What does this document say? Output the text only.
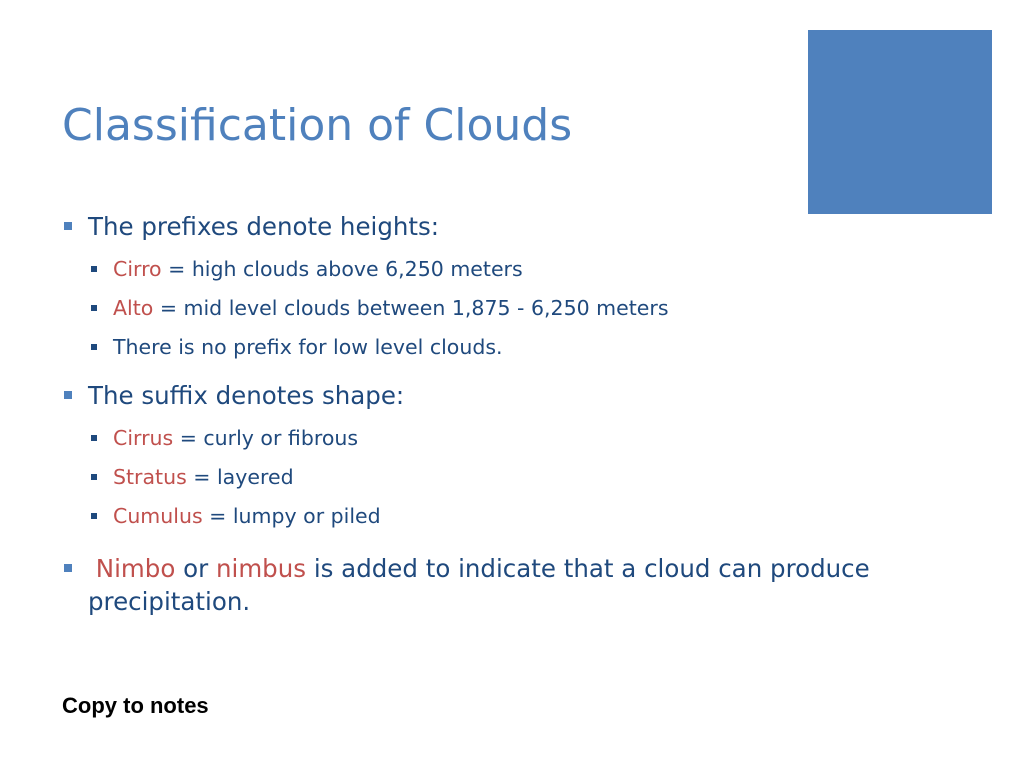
Classification of Clouds
The prefixes denote heights:
Cirro = high clouds above 6,250 meters
Alto = mid level clouds between 1,875 - 6,250 meters
There is no prefix for low level clouds.
The suffix denotes shape:
Cirrus = curly or fibrous
Stratus = layered
Cumulus = lumpy or piled
Nimbo or nimbus is added to indicate that a cloud can produce precipitation.

Copy to notes
